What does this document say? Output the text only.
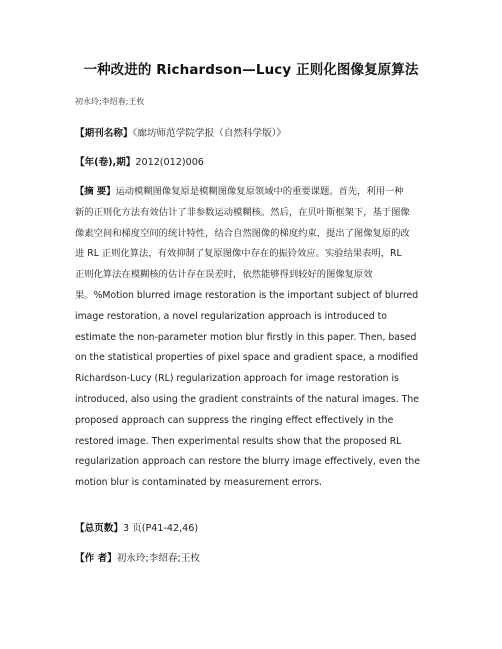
一种改进的 Richardson—Lucy 正则化图像复原算法
初永玲;李绍春;王枚
【期刊名称】《廊坊师范学院学报（自然科学版）》
【年(卷),期】2012(012)006
【摘 要】运动模糊图像复原是模糊图像复原领域中的重要课题。首先，利用一种
新的正则化方法有效估计了非参数运动模糊核。然后，在贝叶斯框架下，基于图像
像素空间和梯度空间的统计特性，结合自然图像的梯度约束，提出了图像复原的改
进 RL 正则化算法，有效抑制了复原图像中存在的振铃效应。实验结果表明，RL
正则化算法在模糊核的估计存在误差时，依然能够得到较好的图像复原效
果。%Motion blurred image restoration is the important subject of blurred
image restoration, a novel regularization approach is introduced to
estimate the non-parameter motion blur firstly in this paper. Then, based
on the statistical properties of pixel space and gradient space, a modified
Richardson-Lucy (RL) regularization approach for image restoration is
introduced, also using the gradient constraints of the natural images. The
proposed approach can suppress the ringing effect effectively in the
restored image. Then experimental results show that the proposed RL
regularization approach can restore the blurry image effectively, even the
motion blur is contaminated by measurement errors.
【总页数】3 页(P41-42,46)
【作 者】初永玲;李绍春;王枚
